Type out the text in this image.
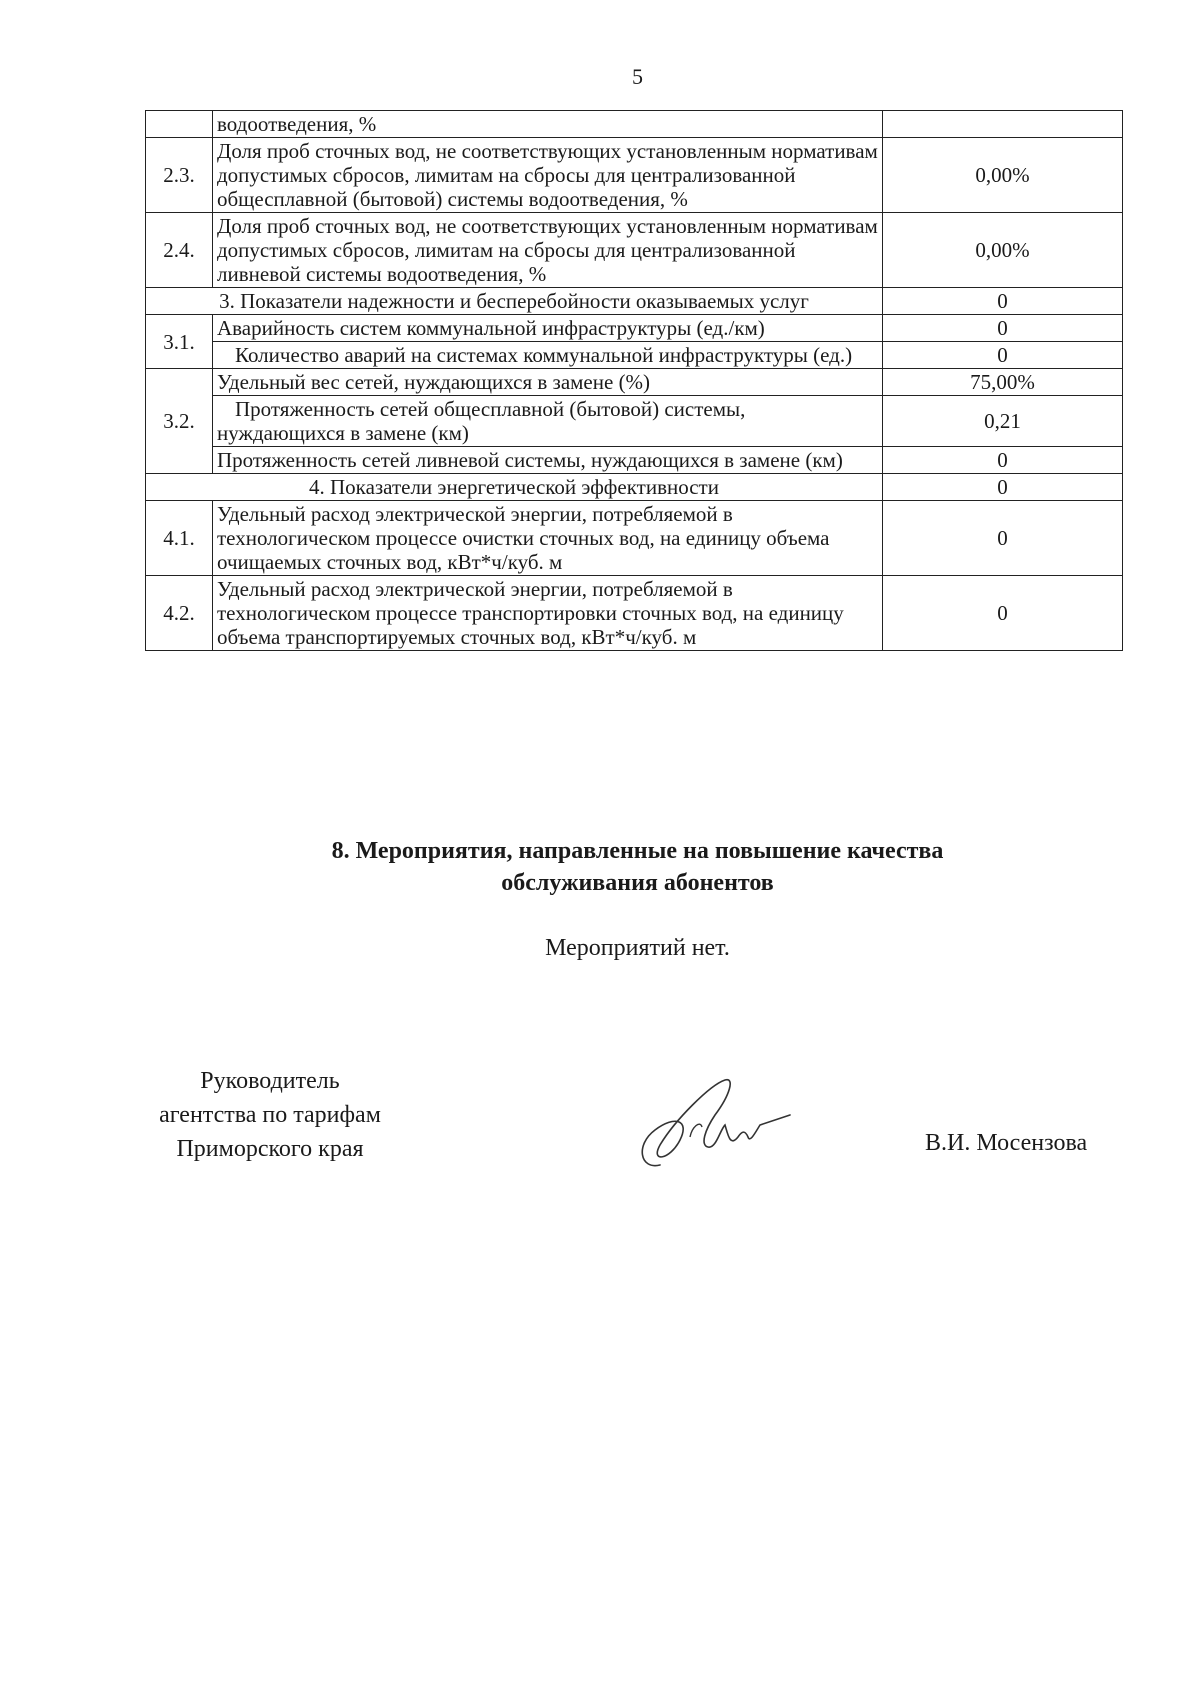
5
	водоотведения, %	
2.3.	Доля проб сточных вод, не соответствующих установленным нормативам допустимых сбросов, лимитам на сбросы для централизованной общесплавной (бытовой) системы водоотведения, %	0,00%
2.4.	Доля проб сточных вод, не соответствующих установленным нормативам допустимых сбросов, лимитам на сбросы для централизованной ливневой системы водоотведения, %	0,00%
3. Показатели надежности и бесперебойности оказываемых услуг		0
3.1.	Аварийность систем коммунальной инфраструктуры (ед./км)	0
	Количество аварий на системах коммунальной инфраструктуры (ед.)	0
3.2.	Удельный вес сетей, нуждающихся в замене (%)	75,00%
	Протяженность сетей общесплавной (бытовой) системы, нуждающихся в замене (км)	0,21
	Протяженность сетей ливневой системы, нуждающихся в замене (км)	0
4. Показатели энергетической эффективности		0
4.1.	Удельный расход электрической энергии, потребляемой в технологическом процессе очистки сточных вод, на единицу объема очищаемых сточных вод, кВт*ч/куб. м	0
4.2.	Удельный расход электрической энергии, потребляемой в технологическом процессе транспортировки сточных вод, на единицу объема транспортируемых сточных вод, кВт*ч/куб. м	0
8. Мероприятия, направленные на повышение качества
обслуживания абонентов
Мероприятий нет.
Руководитель
агентства по тарифам
Приморского края	В.И. Мосензова
